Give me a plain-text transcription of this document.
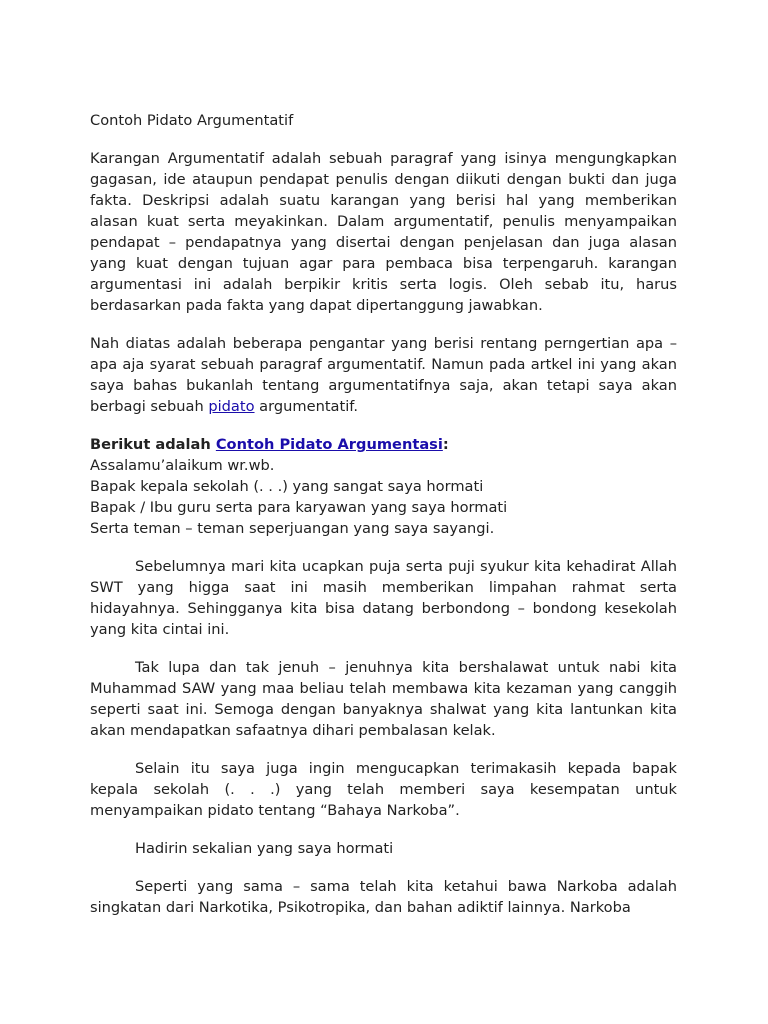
Contoh Pidato Argumentatif

Karangan Argumentatif adalah sebuah paragraf yang isinya mengungkapkan gagasan, ide ataupun pendapat penulis dengan diikuti dengan bukti dan juga fakta. Deskripsi adalah suatu karangan yang berisi hal yang memberikan alasan kuat serta meyakinkan. Dalam argumentatif, penulis menyampaikan pendapat – pendapatnya yang disertai dengan penjelasan dan juga alasan yang kuat dengan tujuan agar para pembaca bisa terpengaruh. karangan argumentasi ini adalah berpikir kritis serta logis. Oleh sebab itu, harus berdasarkan pada fakta yang dapat dipertanggung jawabkan.

Nah diatas adalah beberapa pengantar yang berisi rentang perngertian apa – apa aja syarat sebuah paragraf argumentatif. Namun pada artkel ini yang akan saya bahas bukanlah tentang argumentatifnya saja, akan tetapi saya akan berbagi sebuah pidato argumentatif.

Berikut adalah Contoh Pidato Argumentasi:
Assalamu’alaikum wr.wb.
Bapak kepala sekolah (. . .) yang sangat saya hormati
Bapak / Ibu guru serta para karyawan yang saya hormati
Serta teman – teman seperjuangan yang saya sayangi.

Sebelumnya mari kita ucapkan puja serta puji syukur kita kehadirat Allah SWT yang higga saat ini masih memberikan limpahan rahmat serta hidayahnya. Sehingganya kita bisa datang berbondong – bondong kesekolah yang kita cintai ini.

Tak lupa dan tak jenuh – jenuhnya kita bershalawat untuk nabi kita Muhammad SAW yang maa beliau telah membawa kita kezaman yang canggih seperti saat ini. Semoga dengan banyaknya shalwat yang kita lantunkan kita akan mendapatkan safaatnya dihari pembalasan kelak.

Selain itu saya juga ingin mengucapkan terimakasih kepada bapak kepala sekolah (. . .) yang telah memberi saya kesempatan untuk menyampaikan pidato tentang “Bahaya Narkoba”.

Hadirin sekalian yang saya hormati

Seperti yang sama – sama telah kita ketahui bawa Narkoba adalah singkatan dari Narkotika, Psikotropika, dan bahan adiktif lainnya. Narkoba
